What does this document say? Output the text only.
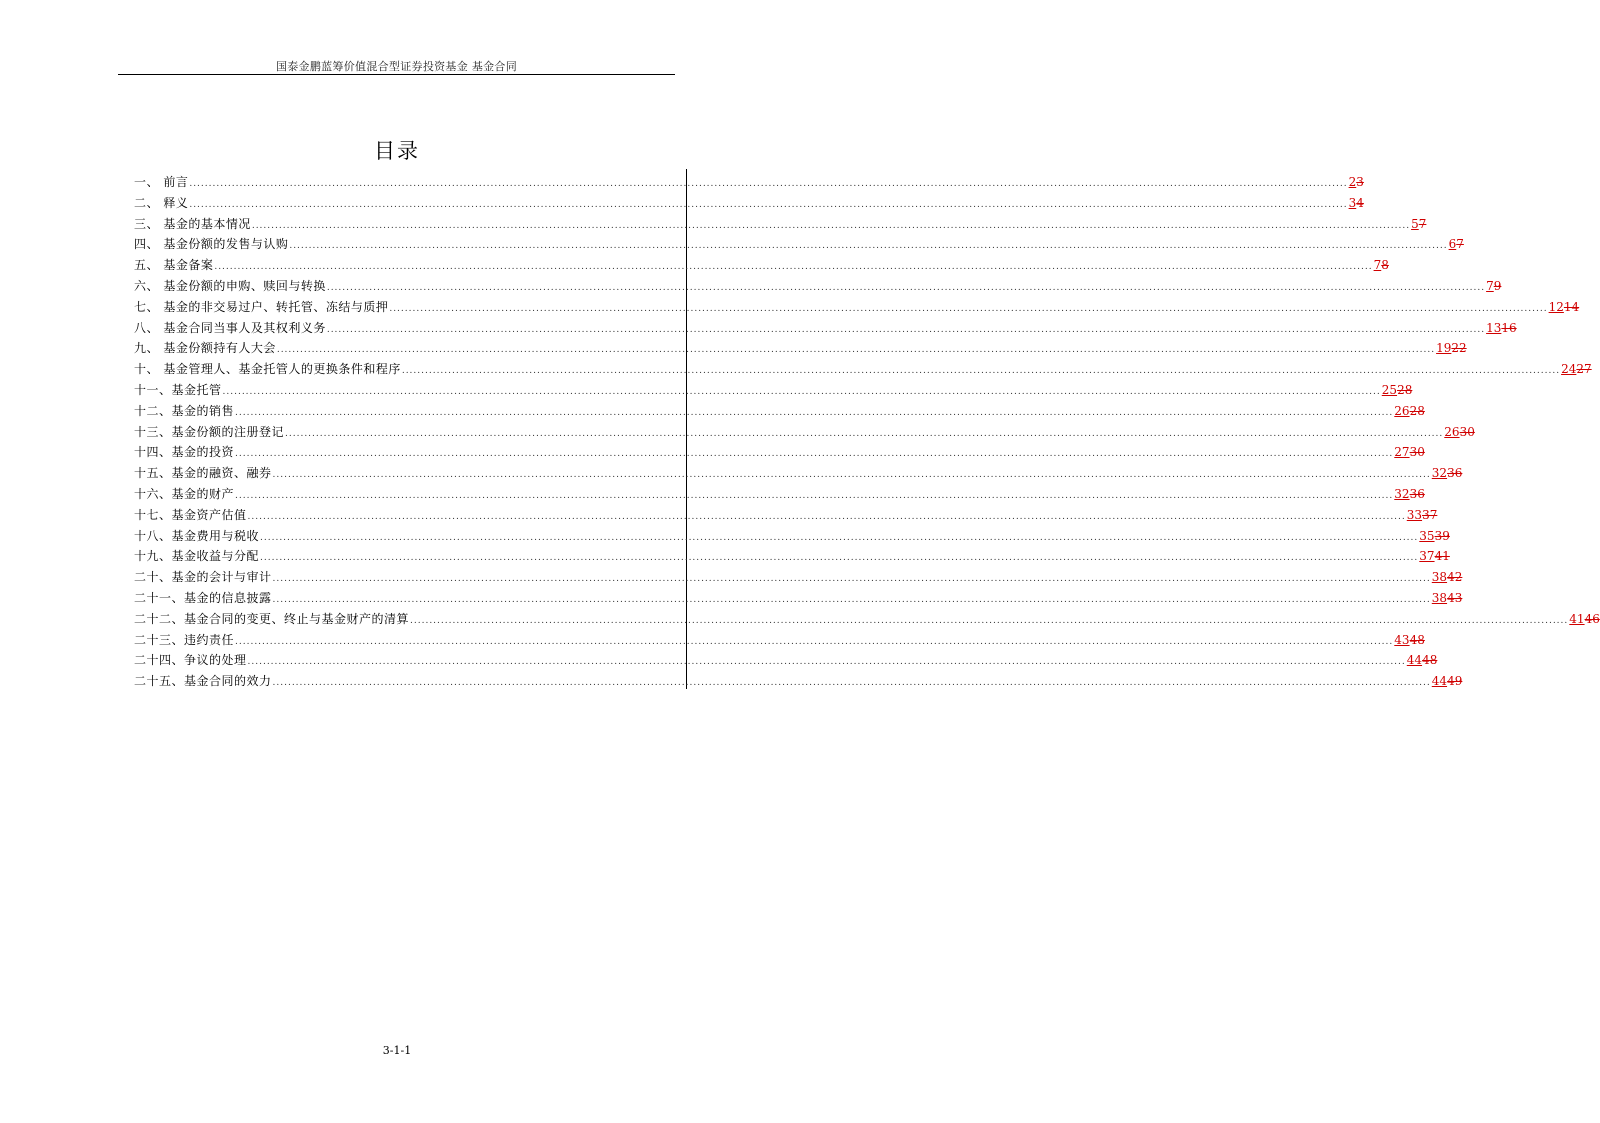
国泰金鹏蓝筹价值混合型证券投资基金 基金合同
目录
一、 前言 ............................................................................................................................................................................................................................................................................................................ 23
二、 释义 ............................................................................................................................................................................................................................................................................................................ 34
三、 基金的基本情况 ............................................................................................................................................................................................................................................................................................................ 57
四、 基金份额的发售与认购 ............................................................................................................................................................................................................................................................................................................ 67
五、 基金备案 ............................................................................................................................................................................................................................................................................................................ 78
六、 基金份额的申购、赎回与转换 ............................................................................................................................................................................................................................................................................................................ 79
七、 基金的非交易过户、转托管、冻结与质押 ............................................................................................................................................................................................................................................................................................................ 1214
八、 基金合同当事人及其权利义务 ............................................................................................................................................................................................................................................................................................................ 1316
九、 基金份额持有人大会 ............................................................................................................................................................................................................................................................................................................ 1922
十、 基金管理人、基金托管人的更换条件和程序 ............................................................................................................................................................................................................................................................................................................ 2427
十一、基金托管 ............................................................................................................................................................................................................................................................................................................ 2528
十二、基金的销售 ............................................................................................................................................................................................................................................................................................................ 2628
十三、基金份额的注册登记 ............................................................................................................................................................................................................................................................................................................ 2630
十四、基金的投资 ............................................................................................................................................................................................................................................................................................................ 2730
十五、基金的融资、融券 ............................................................................................................................................................................................................................................................................................................ 3236
十六、基金的财产 ............................................................................................................................................................................................................................................................................................................ 3236
十七、基金资产估值 ............................................................................................................................................................................................................................................................................................................ 3337
十八、基金费用与税收 ............................................................................................................................................................................................................................................................................................................ 3539
十九、基金收益与分配 ............................................................................................................................................................................................................................................................................................................ 3741
二十、基金的会计与审计 ............................................................................................................................................................................................................................................................................................................ 3842
二十一、基金的信息披露 ............................................................................................................................................................................................................................................................................................................ 3843
二十二、基金合同的变更、终止与基金财产的清算 ............................................................................................................................................................................................................................................................................................................ 4146
二十三、违约责任 ............................................................................................................................................................................................................................................................................................................ 4348
二十四、争议的处理 ............................................................................................................................................................................................................................................................................................................ 4448
二十五、基金合同的效力 ............................................................................................................................................................................................................................................................................................................ 4449
3-1-1
